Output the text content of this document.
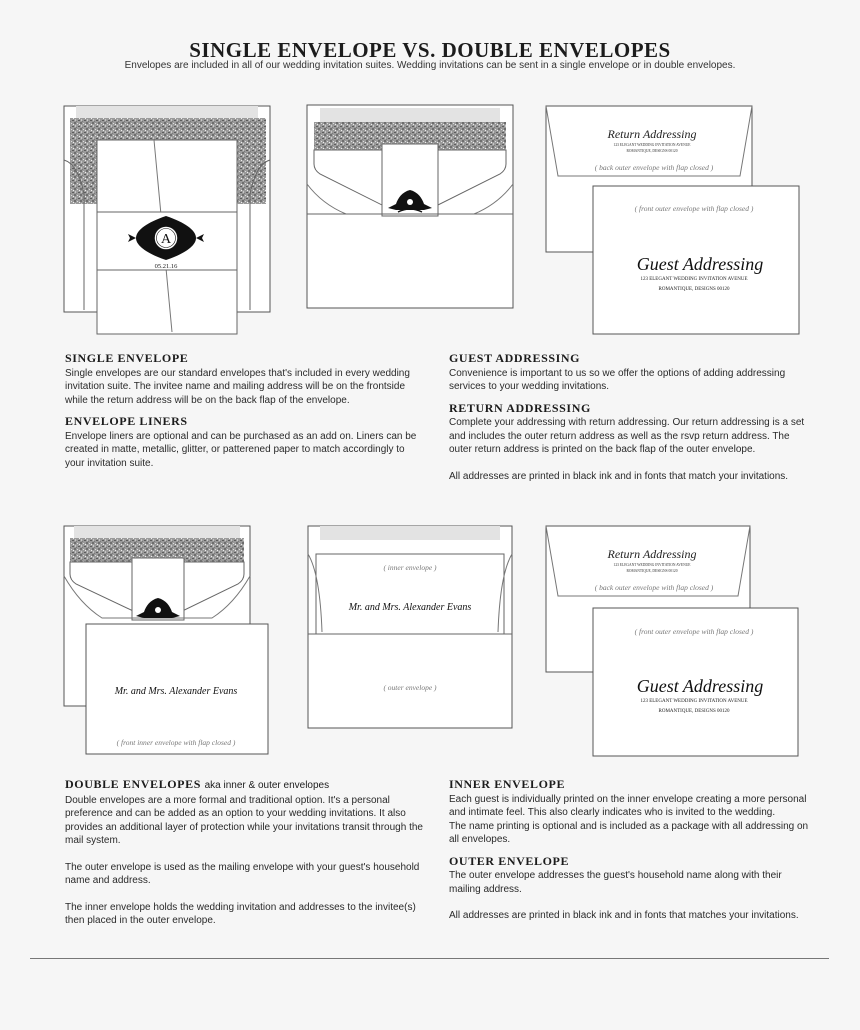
SINGLE ENVELOPE VS. DOUBLE ENVELOPES
Envelopes are included in all of our wedding invitation suites. Wedding invitations can be sent in a single envelope or in double envelopes.
A
05.21.16
Return Addressing
123 ELEGANT WEDDING INVITATION AVENUE
ROMANTIQUE, DESIGNS 00120
( back outer envelope with flap closed )
( front outer envelope with flap closed )
Guest Addressing
123 ELEGANT WEDDING INVITATION AVENUE
ROMANTIQUE, DESIGNS 00120
SINGLE ENVELOPE

Single envelopes are our standard envelopes that's included in every wedding invitation suite. The invitee name and mailing address will be on the frontside while the return address will be on the back flap of the envelope.

ENVELOPE LINERS

Envelope liners are optional and can be purchased as an add on. Liners can be created in matte, metallic, glitter, or patterened paper to match accordingly to your invitation suite.

GUEST ADDRESSING

Convenience is important to us so we offer the options of adding addressing services to your wedding invitations.

RETURN ADDRESSING

Complete your addressing with return addressing. Our return addressing is a set and includes the outer return address as well as the rsvp return address. The outer return address is printed on the back flap of the outer envelope.

All addresses are printed in black ink and in fonts that match your invitations.

Mr. and Mrs. Alexander Evans
( front inner envelope with flap closed )
( inner envelope )
Mr. and Mrs. Alexander Evans
( outer envelope )
Return Addressing
123 ELEGANT WEDDING INVITATION AVENUE
ROMANTIQUE, DESIGNS 00120
( back outer envelope with flap closed )
( front outer envelope with flap closed )
Guest Addressing
123 ELEGANT WEDDING INVITATION AVENUE
ROMANTIQUE, DESIGNS 00120
DOUBLE ENVELOPES aka inner & outer envelopes

Double envelopes are a more formal and traditional option. It's a personal preference and can be added as an option to your wedding invitations. It also provides an additional layer of protection while your invitations transit through the mail system.

The outer envelope is used as the mailing envelope with your guest's household name and address.

The inner envelope holds the wedding invitation and addresses to the invitee(s) then placed in the outer envelope.

INNER ENVELOPE

Each guest is individually printed on the inner envelope creating a more personal and intimate feel. This also clearly indicates who is invited to the wedding.

The name printing is optional and is included as a package with all addressing on all envelopes.

OUTER ENVELOPE

The outer envelope addresses the guest's household name along with their mailing address.

All addresses are printed in black ink and in fonts that matches your invitations.
